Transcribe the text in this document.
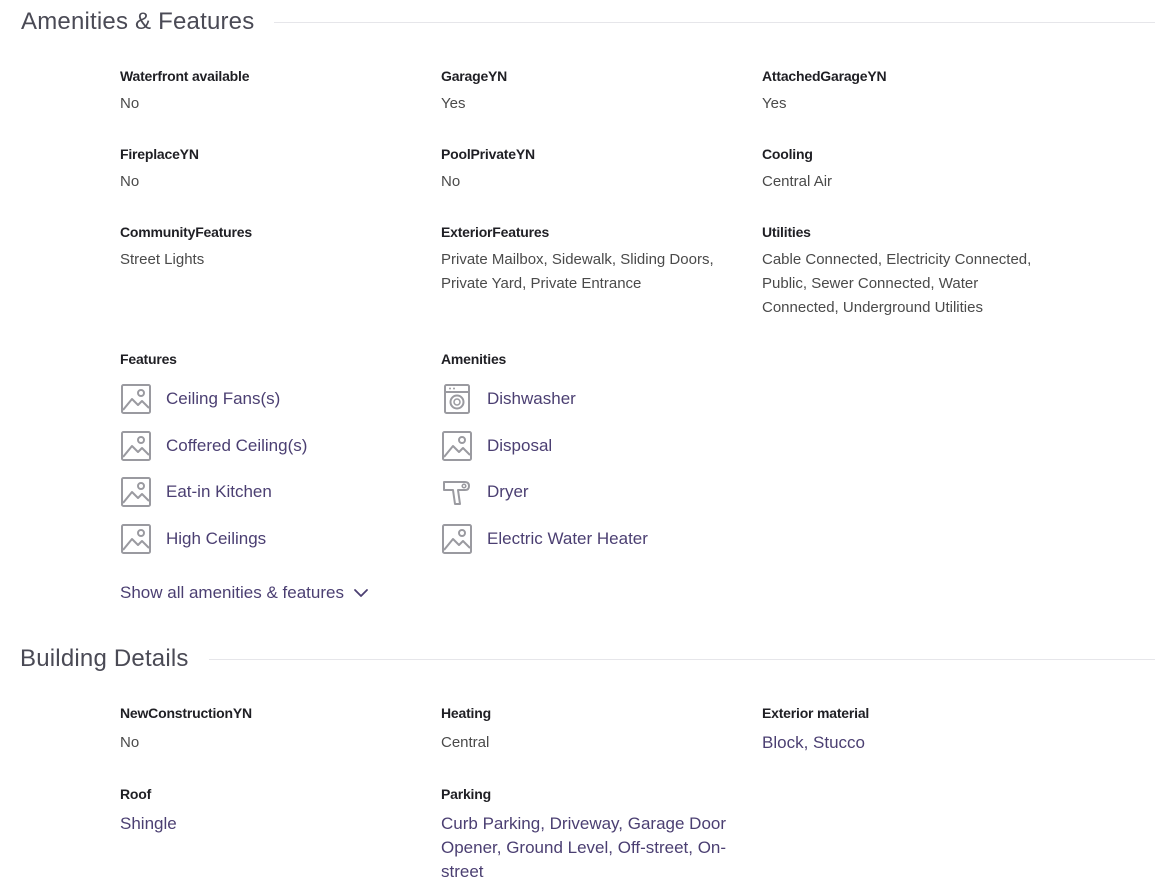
Amenities & Features
Waterfront available
No
GarageYN
Yes
AttachedGarageYN
Yes
FireplaceYN
No
PoolPrivateYN
No
Cooling
Central Air
CommunityFeatures
Street Lights
ExteriorFeatures
Private Mailbox, Sidewalk, Sliding Doors, Private Yard, Private Entrance
Utilities
Cable Connected, Electricity Connected, Public, Sewer Connected, Water Connected, Underground Utilities
Features
Ceiling Fans(s)
Coffered Ceiling(s)
Eat-in Kitchen
High Ceilings
Amenities
Dishwasher
Disposal
Dryer
Electric Water Heater
Show all amenities & features
Building Details
NewConstructionYN
No
Heating
Central
Exterior material
Block, Stucco
Roof
Shingle
Parking
Curb Parking, Driveway, Garage Door Opener, Ground Level, Off-street, On-street
